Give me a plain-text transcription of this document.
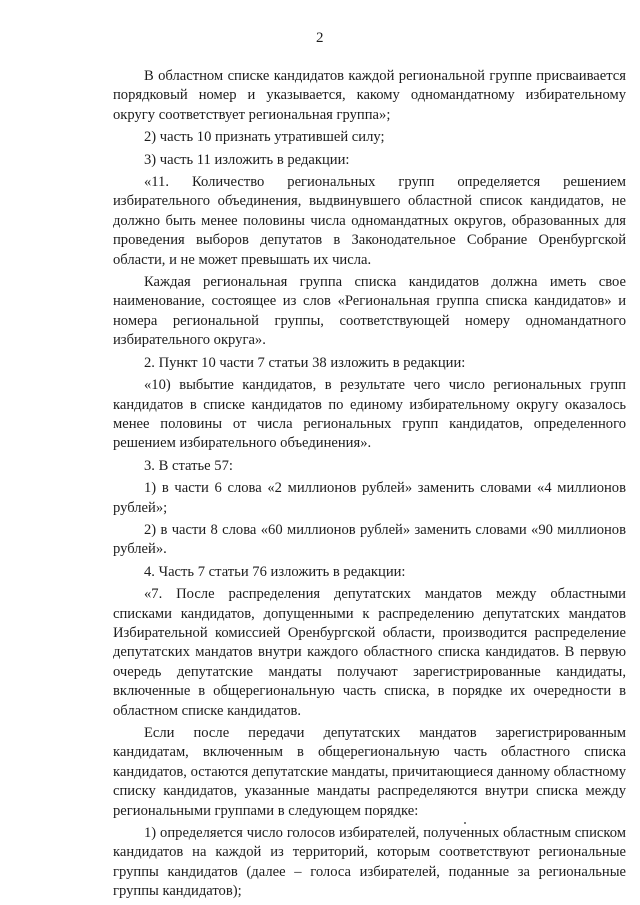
2

В областном списке кандидатов каждой региональной группе присваивается порядковый номер и указывается, какому одномандатному избирательному округу соответствует региональная группа»;

2) часть 10 признать утратившей силу;

3) часть 11 изложить в редакции:

«11. Количество региональных групп определяется решением избирательного объединения, выдвинувшего областной список кандидатов, не должно быть менее половины числа одномандатных округов, образованных для проведения выборов депутатов в Законодательное Собрание Оренбургской области, и не может превышать их числа.

Каждая региональная группа списка кандидатов должна иметь свое наименование, состоящее из слов «Региональная группа списка кандидатов» и номера региональной группы, соответствующей номеру одномандатного избирательного округа».

2. Пункт 10 части 7 статьи 38 изложить в редакции:

«10) выбытие кандидатов, в результате чего число региональных групп кандидатов в списке кандидатов по единому избирательному округу оказалось менее половины от числа региональных групп кандидатов, определенного решением избирательного объединения».

3. В статье 57:

1) в части 6 слова «2 миллионов рублей» заменить словами «4 миллионов рублей»;

2) в части 8 слова «60 миллионов рублей» заменить словами «90 миллионов рублей».

4. Часть 7 статьи 76 изложить в редакции:

«7. После распределения депутатских мандатов между областными списками кандидатов, допущенными к распределению депутатских мандатов Избирательной комиссией Оренбургской области, производится распределение депутатских мандатов внутри каждого областного списка кандидатов. В первую очередь депутатские мандаты получают зарегистрированные кандидаты, включенные в общерегиональную часть списка, в порядке их очередности в областном списке кандидатов.

Если после передачи депутатских мандатов зарегистрированным кандидатам, включенным в общерегиональную часть областного списка кандидатов, остаются депутатские мандаты, причитающиеся данному областному списку кандидатов, указанные мандаты распределяются внутри списка между региональными группами в следующем порядке:

1) определяется число голосов избирателей, полученных областным списком кандидатов на каждой из территорий, которым соответствуют региональные группы кандидатов (далее – голоса избирателей, поданные за региональные группы кандидатов);
